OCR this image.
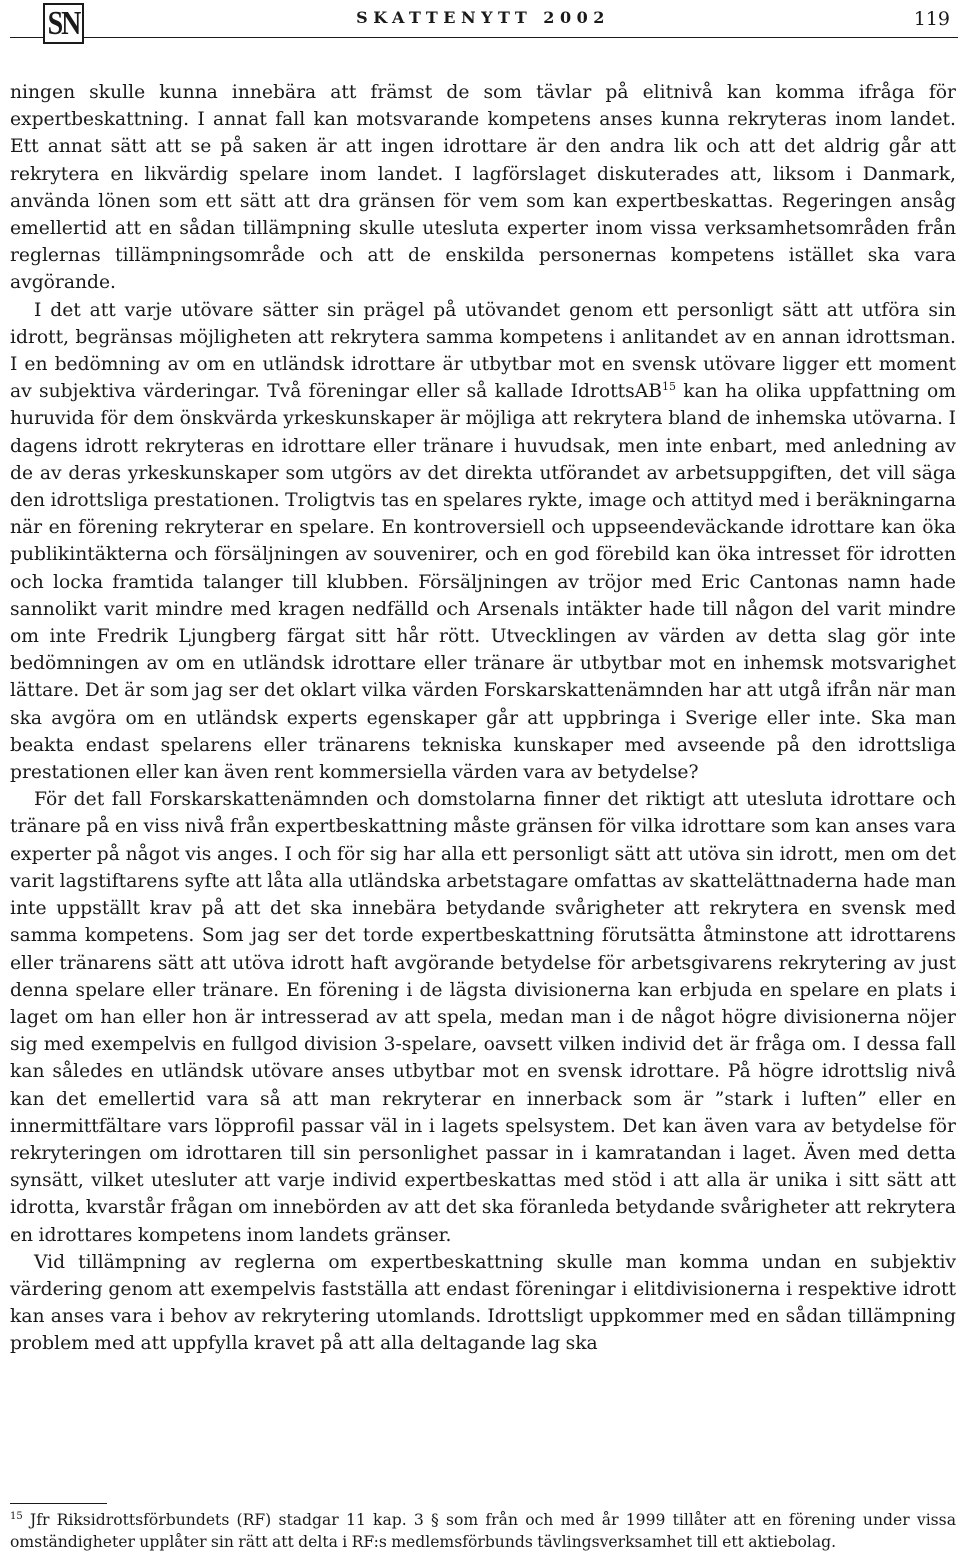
SN	SKATTENYTT 2002	119

ningen skulle kunna innebära att främst de som tävlar på elitnivå kan komma ifråga för expertbeskattning. I annat fall kan motsvarande kompetens anses kunna rekryteras inom landet. Ett annat sätt att se på saken är att ingen idrottare är den andra lik och att det aldrig går att rekrytera en likvärdig spelare inom landet. I lagförslaget diskuterades att, liksom i Danmark, använda lönen som ett sätt att dra gränsen för vem som kan expertbeskattas. Regeringen ansåg emellertid att en sådan tillämpning skulle utesluta experter inom vissa verksamhetsområden från reglernas tillämpningsområde och att de enskilda personernas kompetens istället ska vara avgörande.

I det att varje utövare sätter sin prägel på utövandet genom ett personligt sätt att utföra sin idrott, begränsas möjligheten att rekrytera samma kompetens i anlitandet av en annan idrottsman. I en bedömning av om en utländsk idrottare är utbytbar mot en svensk utövare ligger ett moment av subjektiva värderingar. Två föreningar eller så kallade IdrottsAB$^{15}$ kan ha olika uppfattning om huruvida för dem önskvärda yrkeskunskaper är möjliga att rekrytera bland de inhemska utövarna. I dagens idrott rekryteras en idrottare eller tränare i huvudsak, men inte enbart, med anledning av de av deras yrkeskunskaper som utgörs av det direkta utförandet av arbetsuppgiften, det vill säga den idrottsliga prestationen. Troligtvis tas en spelares rykte, image och attityd med i beräkningarna när en förening rekryterar en spelare. En kontroversiell och uppseendeväckande idrottare kan öka publikintäkterna och försäljningen av souvenirer, och en god förebild kan öka intresset för idrotten och locka framtida talanger till klubben. Försäljningen av tröjor med Eric Cantonas namn hade sannolikt varit mindre med kragen nedfälld och Arsenals intäkter hade till någon del varit mindre om inte Fredrik Ljungberg färgat sitt hår rött. Utvecklingen av värden av detta slag gör inte bedömningen av om en utländsk idrottare eller tränare är utbytbar mot en inhemsk motsvarighet lättare. Det är som jag ser det oklart vilka värden Forskarskattenämnden har att utgå ifrån när man ska avgöra om en utländsk experts egenskaper går att uppbringa i Sverige eller inte. Ska man beakta endast spelarens eller tränarens tekniska kunskaper med avseende på den idrottsliga prestationen eller kan även rent kommersiella värden vara av betydelse?

För det fall Forskarskattenämnden och domstolarna finner det riktigt att utesluta idrottare och tränare på en viss nivå från expertbeskattning måste gränsen för vilka idrottare som kan anses vara experter på något vis anges. I och för sig har alla ett personligt sätt att utöva sin idrott, men om det varit lagstiftarens syfte att låta alla utländska arbetstagare omfattas av skattelättnaderna hade man inte uppställt krav på att det ska innebära betydande svårigheter att rekrytera en svensk med samma kompetens. Som jag ser det torde expertbeskattning förutsätta åtminstone att idrottarens eller tränarens sätt att utöva idrott haft avgörande betydelse för arbetsgivarens rekrytering av just denna spelare eller tränare. En förening i de lägsta divisionerna kan erbjuda en spelare en plats i laget om han eller hon är intresserad av att spela, medan man i de något högre divisionerna nöjer sig med exempelvis en fullgod division 3-spelare, oavsett vilken individ det är fråga om. I dessa fall kan således en utländsk utövare anses utbytbar mot en svensk idrottare. På högre idrottslig nivå kan det emellertid vara så att man rekryterar en innerback som är ”stark i luften” eller en innermittfältare vars löpprofil passar väl in i lagets spelsystem. Det kan även vara av betydelse för rekryteringen om idrottaren till sin personlighet passar in i kamratandan i laget. Även med detta synsätt, vilket utesluter att varje individ expertbeskattas med stöd i att alla är unika i sitt sätt att idrotta, kvarstår frågan om innebörden av att det ska föranleda betydande svårigheter att rekrytera en idrottares kompetens inom landets gränser.

Vid tillämpning av reglerna om expertbeskattning skulle man komma undan en subjektiv värdering genom att exempelvis fastställa att endast föreningar i elitdivisionerna i respektive idrott kan anses vara i behov av rekrytering utomlands. Idrottsligt uppkommer med en sådan tillämpning problem med att uppfylla kravet på att alla deltagande lag ska

$^{15}$ Jfr Riksidrottsförbundets (RF) stadgar 11 kap. 3 § som från och med år 1999 tillåter att en förening under vissa omständigheter upplåter sin rätt att delta i RF:s medlemsförbunds tävlingsverksamhet till ett aktiebolag.
